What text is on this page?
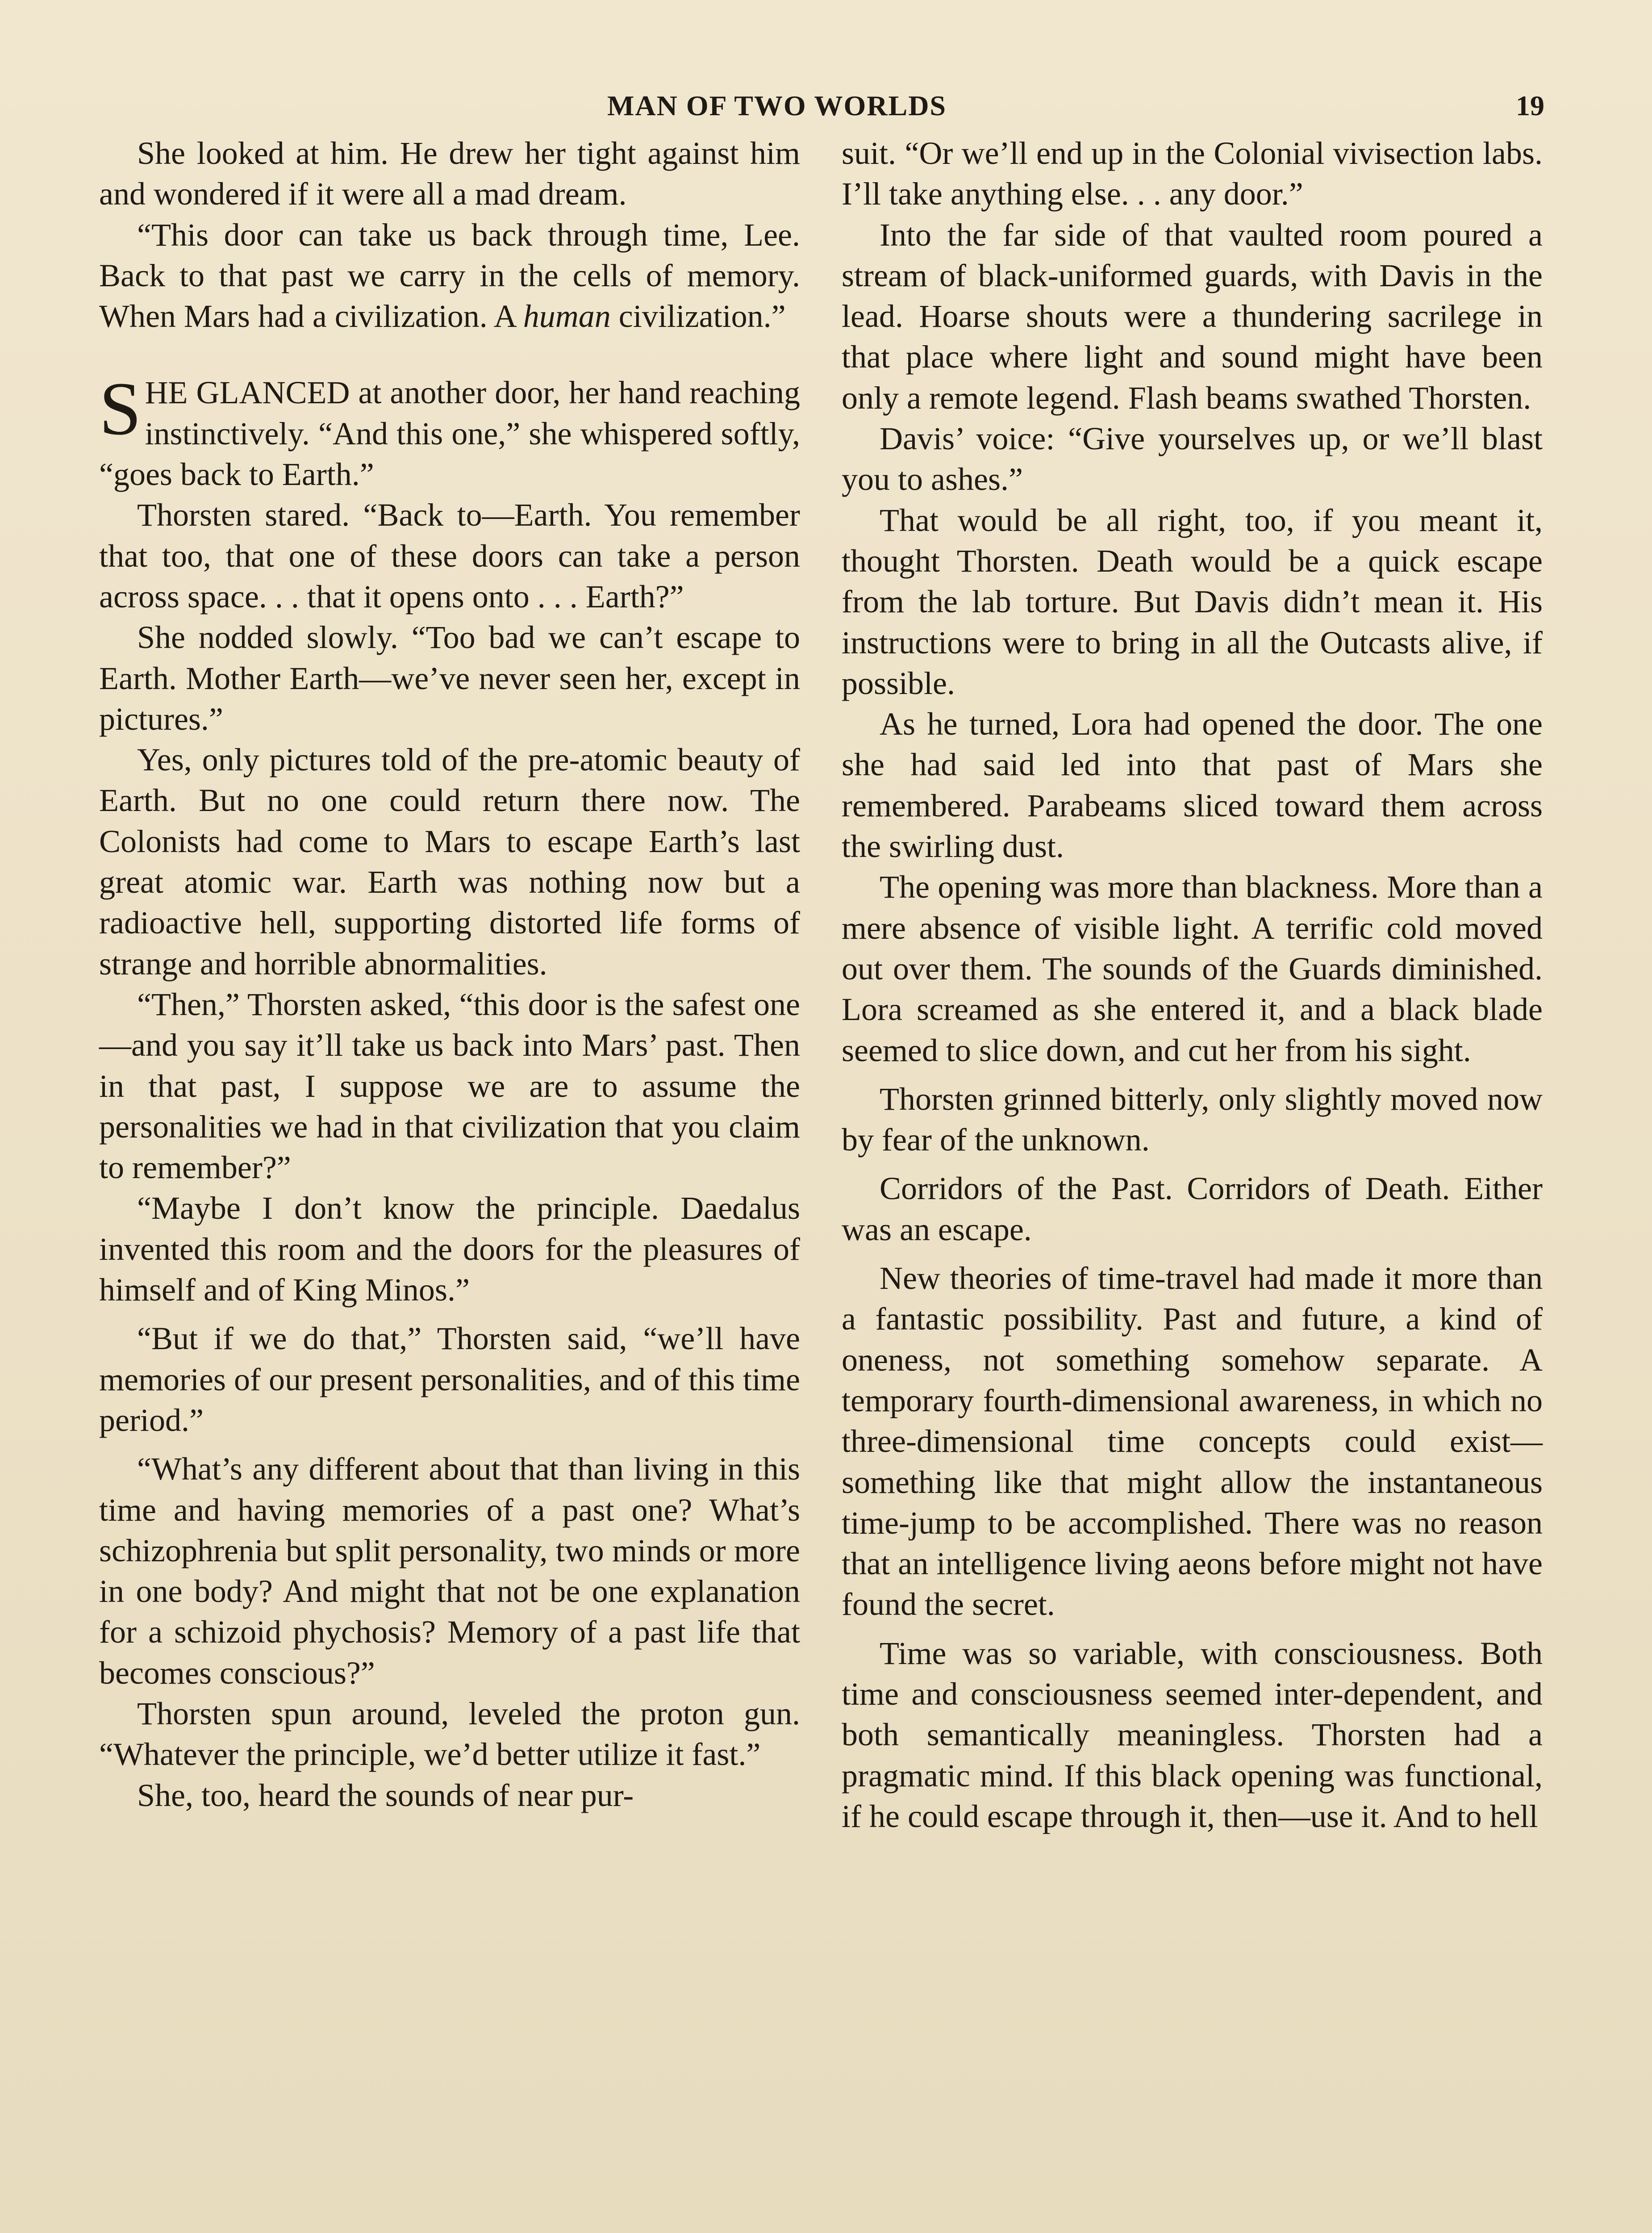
MAN OF TWO WORLDS	19

She looked at him. He drew her tight against him and wondered if it were all a mad dream.

“This door can take us back through time, Lee. Back to that past we carry in the cells of memory. When Mars had a civilization. A human civilization.”

SHE GLANCED at another door, her hand reaching instinctively. “And this one,” she whispered softly, “goes back to Earth.”

Thorsten stared. “Back to—Earth. You remember that too, that one of these doors can take a person across space. . . that it opens onto . . . Earth?”

She nodded slowly. “Too bad we can’t escape to Earth. Mother Earth—we’ve never seen her, except in pictures.”

Yes, only pictures told of the pre-atomic beauty of Earth. But no one could return there now. The Colonists had come to Mars to escape Earth’s last great atomic war. Earth was nothing now but a radioactive hell, supporting distorted life forms of strange and horrible abnormalities.

“Then,” Thorsten asked, “this door is the safest one—and you say it’ll take us back into Mars’ past. Then in that past, I suppose we are to assume the personalities we had in that civilization that you claim to remember?”

“Maybe I don’t know the principle. Daedalus invented this room and the doors for the pleasures of himself and of King Minos.”

“But if we do that,” Thorsten said, “we’ll have memories of our present personalities, and of this time period.”

“What’s any different about that than living in this time and having memories of a past one? What’s schizophrenia but split personality, two minds or more in one body? And might that not be one explanation for a schizoid phychosis? Memory of a past life that becomes conscious?”

Thorsten spun around, leveled the proton gun. “Whatever the principle, we’d better utilize it fast.”

She, too, heard the sounds of near pur-

suit. “Or we’ll end up in the Colonial vivisection labs. I’ll take anything else. . . any door.”

Into the far side of that vaulted room poured a stream of black-uniformed guards, with Davis in the lead. Hoarse shouts were a thundering sacrilege in that place where light and sound might have been only a remote legend. Flash beams swathed Thorsten.

Davis’ voice: “Give yourselves up, or we’ll blast you to ashes.”

That would be all right, too, if you meant it, thought Thorsten. Death would be a quick escape from the lab torture. But Davis didn’t mean it. His instructions were to bring in all the Outcasts alive, if possible.

As he turned, Lora had opened the door. The one she had said led into that past of Mars she remembered. Parabeams sliced toward them across the swirling dust.

The opening was more than blackness. More than a mere absence of visible light. A terrific cold moved out over them. The sounds of the Guards diminished. Lora screamed as she entered it, and a black blade seemed to slice down, and cut her from his sight.

Thorsten grinned bitterly, only slightly moved now by fear of the unknown.

Corridors of the Past. Corridors of Death. Either was an escape.

New theories of time-travel had made it more than a fantastic possibility. Past and future, a kind of oneness, not something somehow separate. A temporary fourth-dimensional awareness, in which no three-dimensional time concepts could exist—something like that might allow the instantaneous time-jump to be accomplished. There was no reason that an intelligence living aeons before might not have found the secret.

Time was so variable, with consciousness. Both time and consciousness seemed inter-dependent, and both semantically meaningless. Thorsten had a pragmatic mind. If this black opening was functional, if he could escape through it, then—use it. And to hell
